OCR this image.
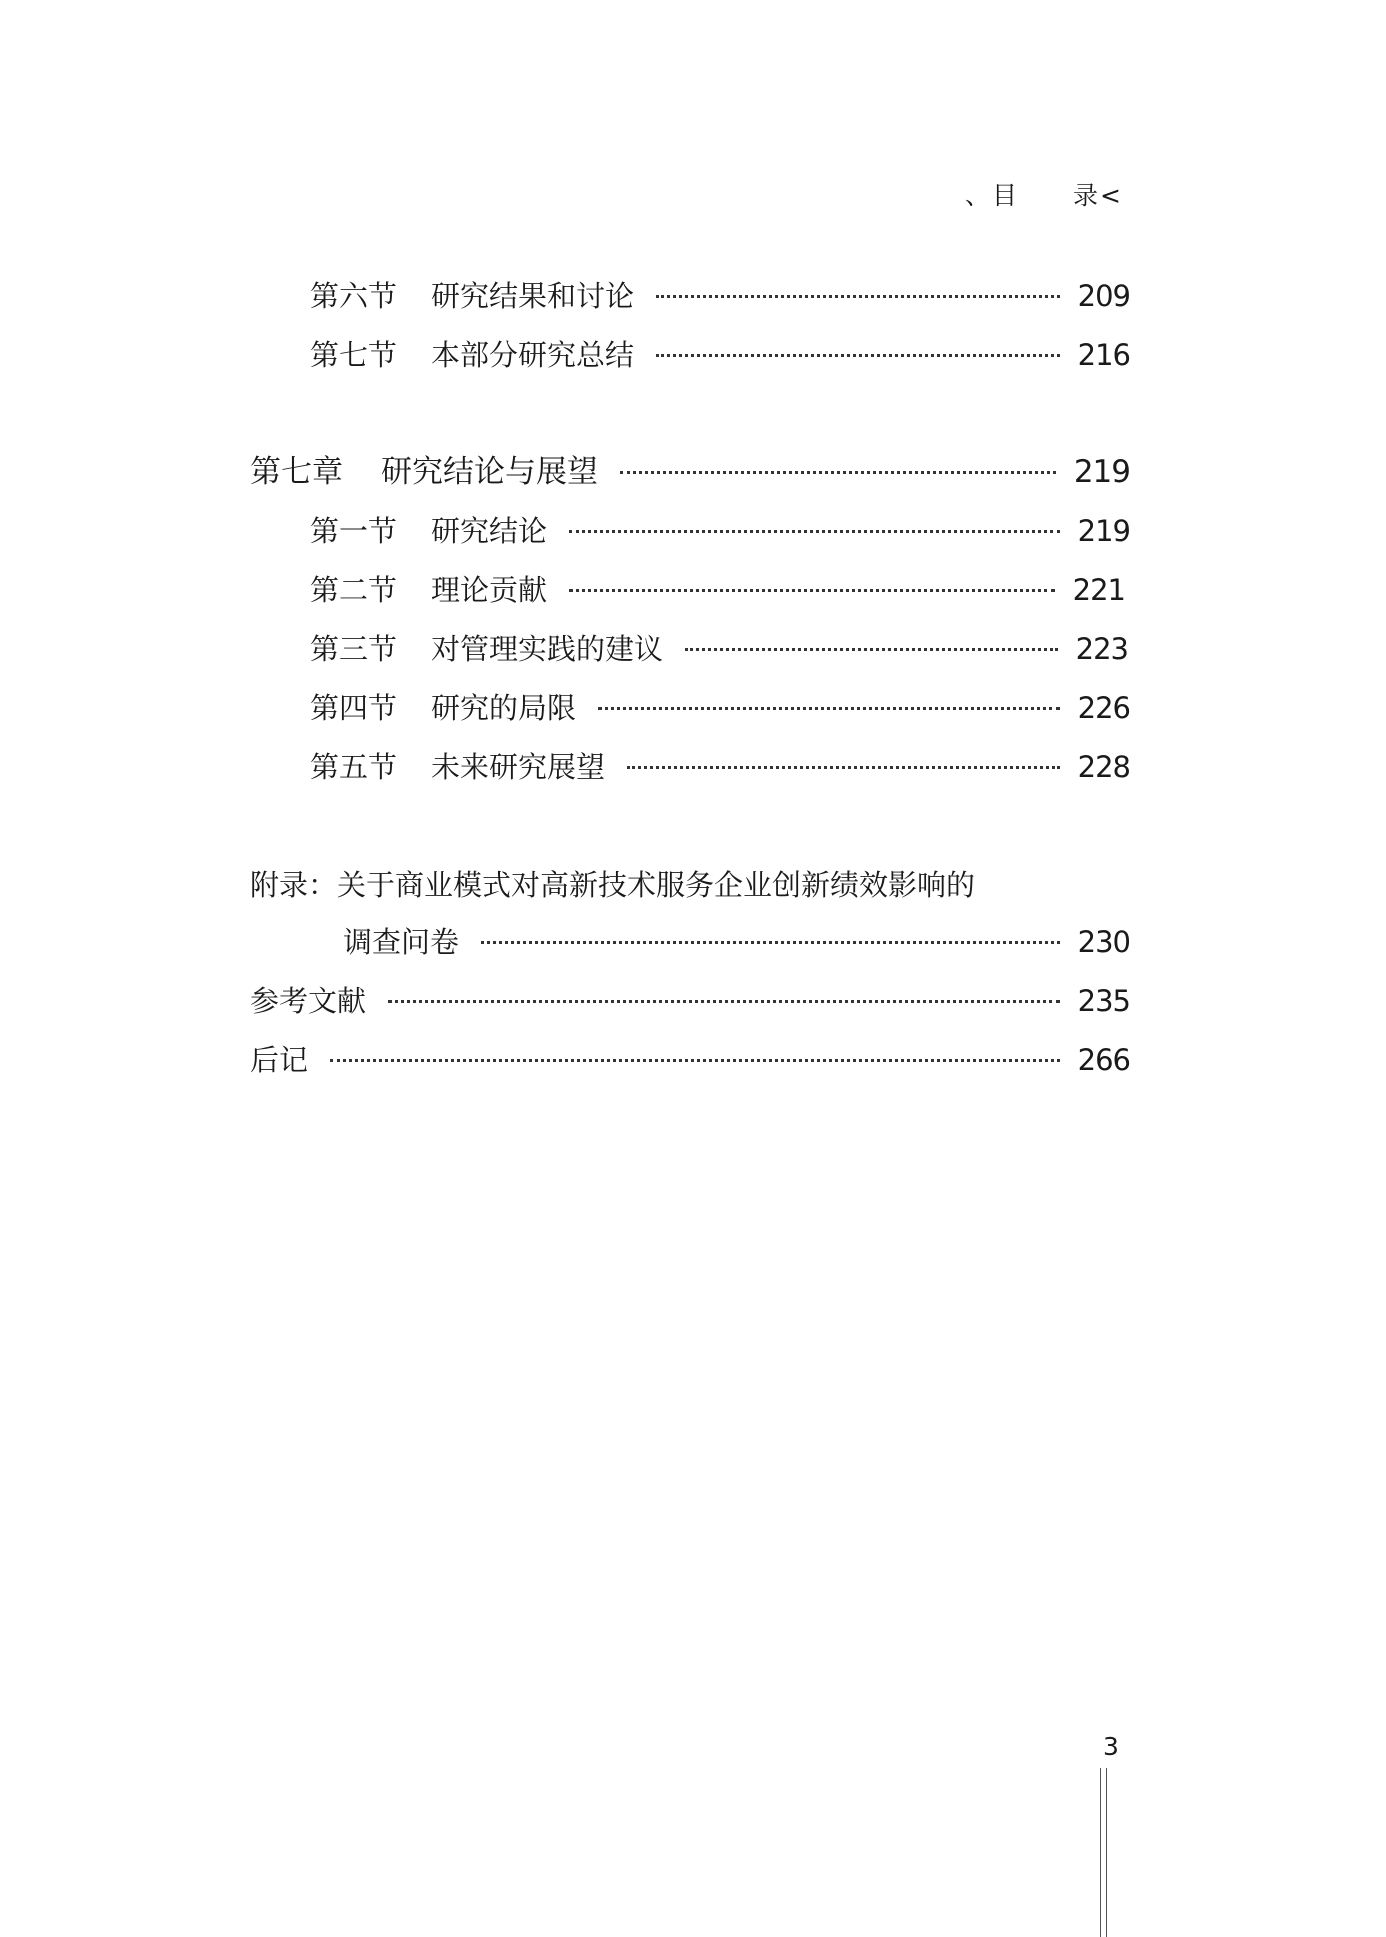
、目　　录<
第六节 研究结果和讨论	209
第七节 本部分研究总结	216
第七章 研究结论与展望	219
第一节 研究结论	219
第二节 理论贡献	221
第三节 对管理实践的建议	223
第四节 研究的局限	226
第五节 未来研究展望	228
附录：关于商业模式对高新技术服务企业创新绩效影响的
调查问卷	230
参考文献	235
后记	266
3
